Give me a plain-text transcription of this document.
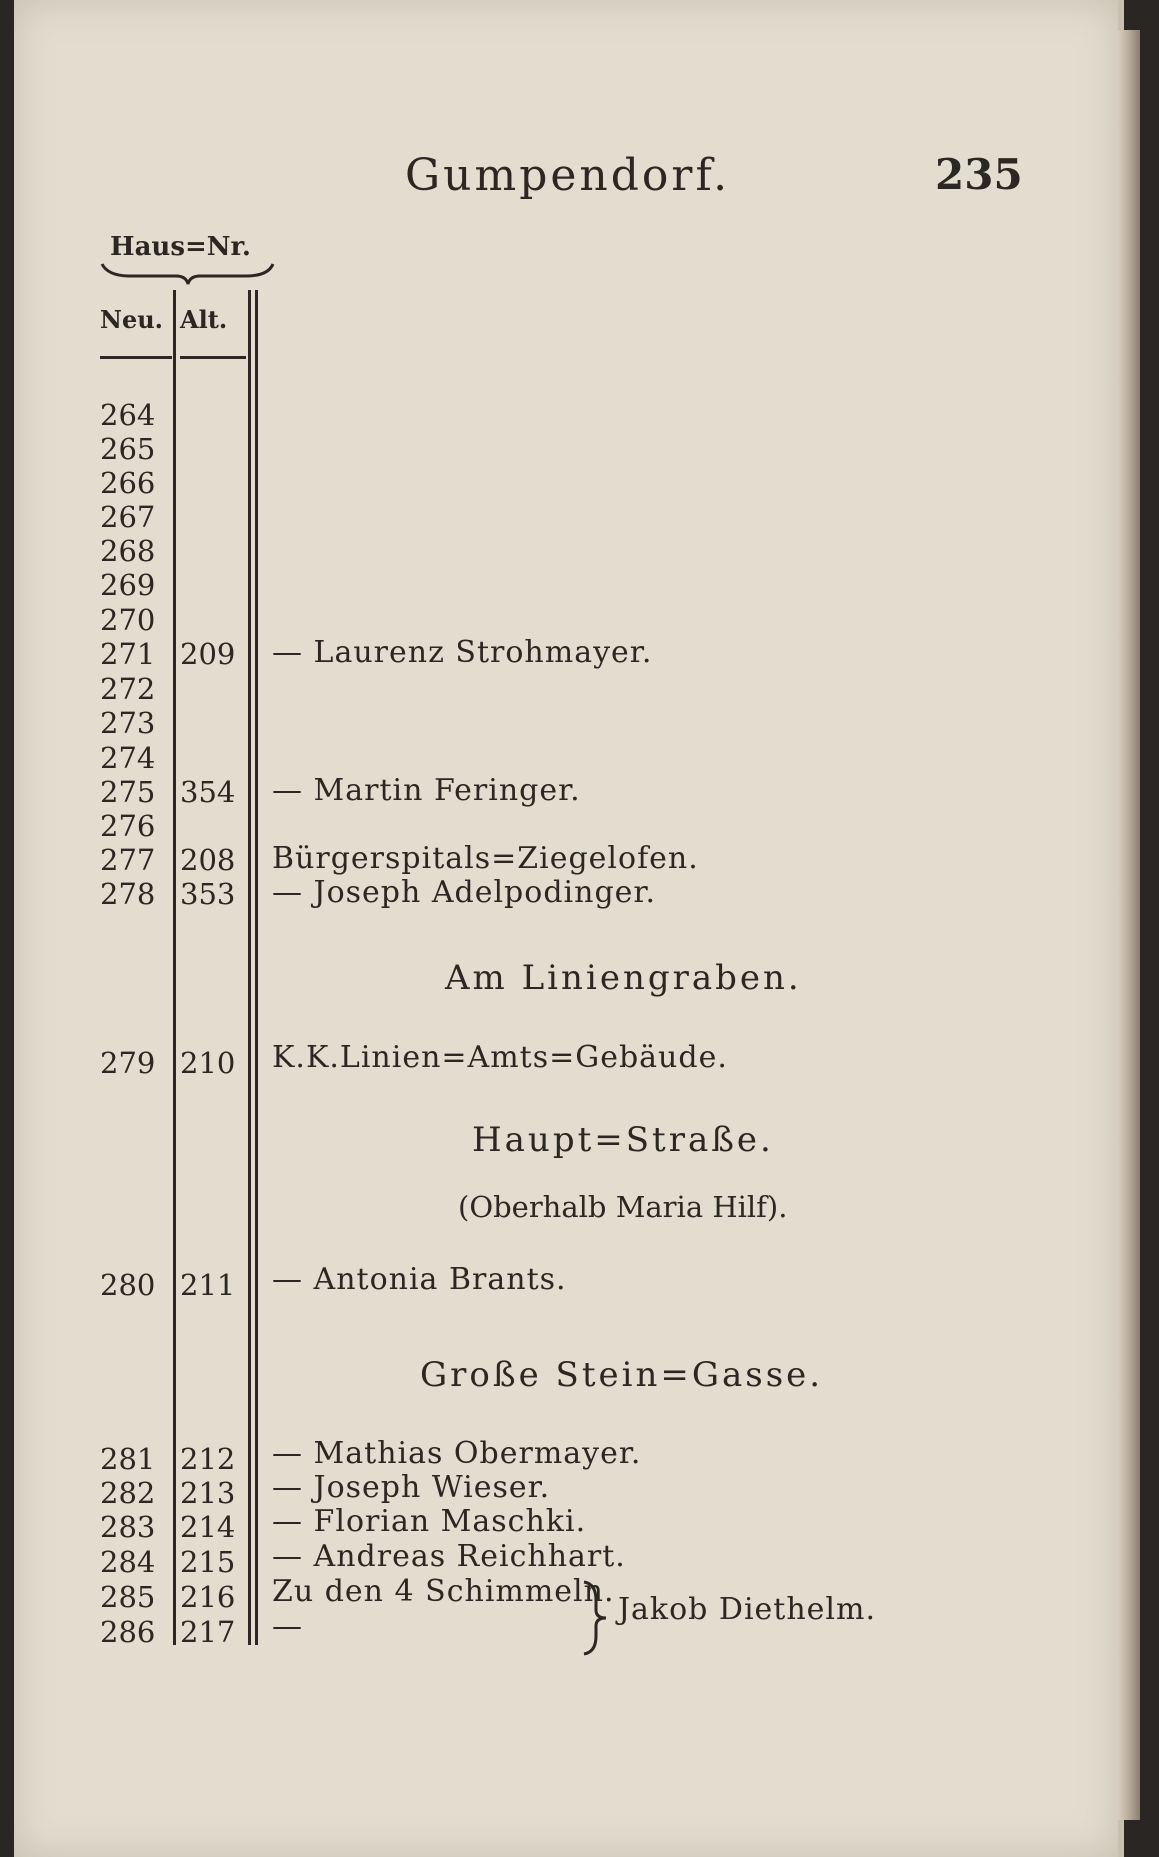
Gumpendorf.	235
Haus=Nr.
Neu. Alt.
264
265
266
267
268
269
270
271 209 — Laurenz Strohmayer.
272
273
274
275 354 — Martin Feringer.
276
277 208 Bürgerspitals=Ziegelofen.
278 353 — Joseph Adelpodinger.
Am Liniengraben.
279 210 K.K.Linien=Amts=Gebäude.
Haupt=Straße.
(Oberhalb Maria Hilf).
280 211 — Antonia Brants.
Große Stein=Gasse.
281 212 — Mathias Obermayer.
282 213 — Joseph Wieser.
283 214 — Florian Maschki.
284 215 — Andreas Reichhart.
285 216 Zu den 4 Schimmeln.
286 217 —	Jakob Diethelm.
